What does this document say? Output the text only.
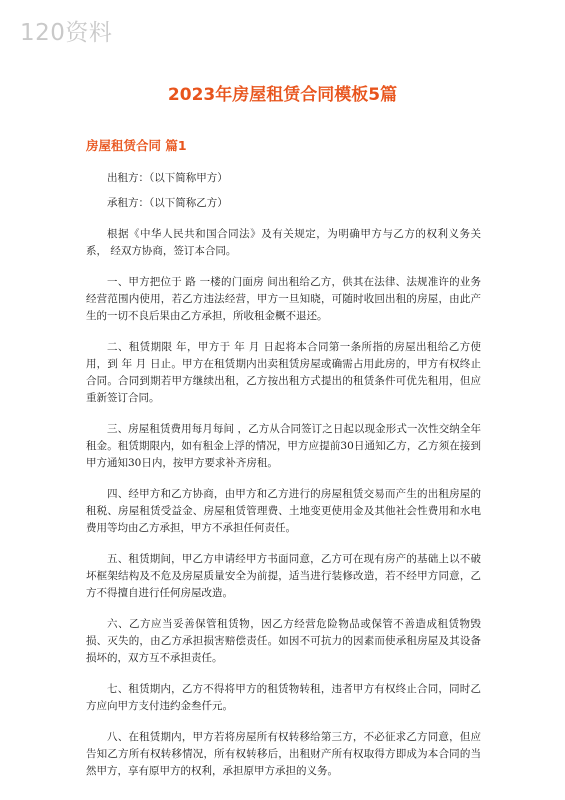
120资料
2023年房屋租赁合同模板5篇
房屋租赁合同 篇1

出租方：（以下简称甲方）

承租方：（以下简称乙方）

根据《中华人民共和国合同法》及有关规定，为明确甲方与乙方的权利义务关系， 经双方协商，签订本合同。

一、甲方把位于 路 一楼的门面房 间出租给乙方，供其在法律、法规准许的业务经营范围内使用，若乙方违法经营，甲方一旦知晓，可随时收回出租的房屋，由此产生的一切不良后果由乙方承担，所收租金概不退还。

二、租赁期限 年，甲方于 年 月 日起将本合同第一条所指的房屋出租给乙方使用，到 年 月 日止。甲方在租赁期内出卖租赁房屋或确需占用此房的，甲方有权终止合同。合同到期若甲方继续出租，乙方按出租方式提出的租赁条件可优先租用，但应重新签订合同。

三、房屋租赁费用每月每间 ，乙方从合同签订之日起以现金形式一次性交纳全年租金。租赁期限内，如有租金上浮的情况，甲方应提前30日通知乙方，乙方须在接到甲方通知30日内，按甲方要求补齐房租。

四、经甲方和乙方协商，由甲方和乙方进行的房屋租赁交易而产生的出租房屋的租税、房屋租赁受益金、房屋租赁管理费、土地变更使用金及其他社会性费用和水电费用等均由乙方承担，甲方不承担任何责任。

五、租赁期间，甲乙方申请经甲方书面同意，乙方可在现有房产的基础上以不破坏框架结构及不危及房屋质量安全为前提，适当进行装修改造，若不经甲方同意，乙方不得擅自进行任何房屋改造。

六、乙方应当妥善保管租赁物，因乙方经营危险物品或保管不善造成租赁物毁损、灭失的，由乙方承担损害赔偿责任。如因不可抗力的因素而使承租房屋及其设备损坏的，双方互不承担责任。

七、租赁期内，乙方不得将甲方的租赁物转租，违者甲方有权终止合同，同时乙方应向甲方支付违约金叁仟元。

八、在租赁期内，甲方若将房屋所有权转移给第三方，不必征求乙方同意，但应告知乙方所有权转移情况，所有权转移后，出租财产所有权取得方即成为本合同的当然甲方，享有原甲方的权利，承担原甲方承担的义务。
